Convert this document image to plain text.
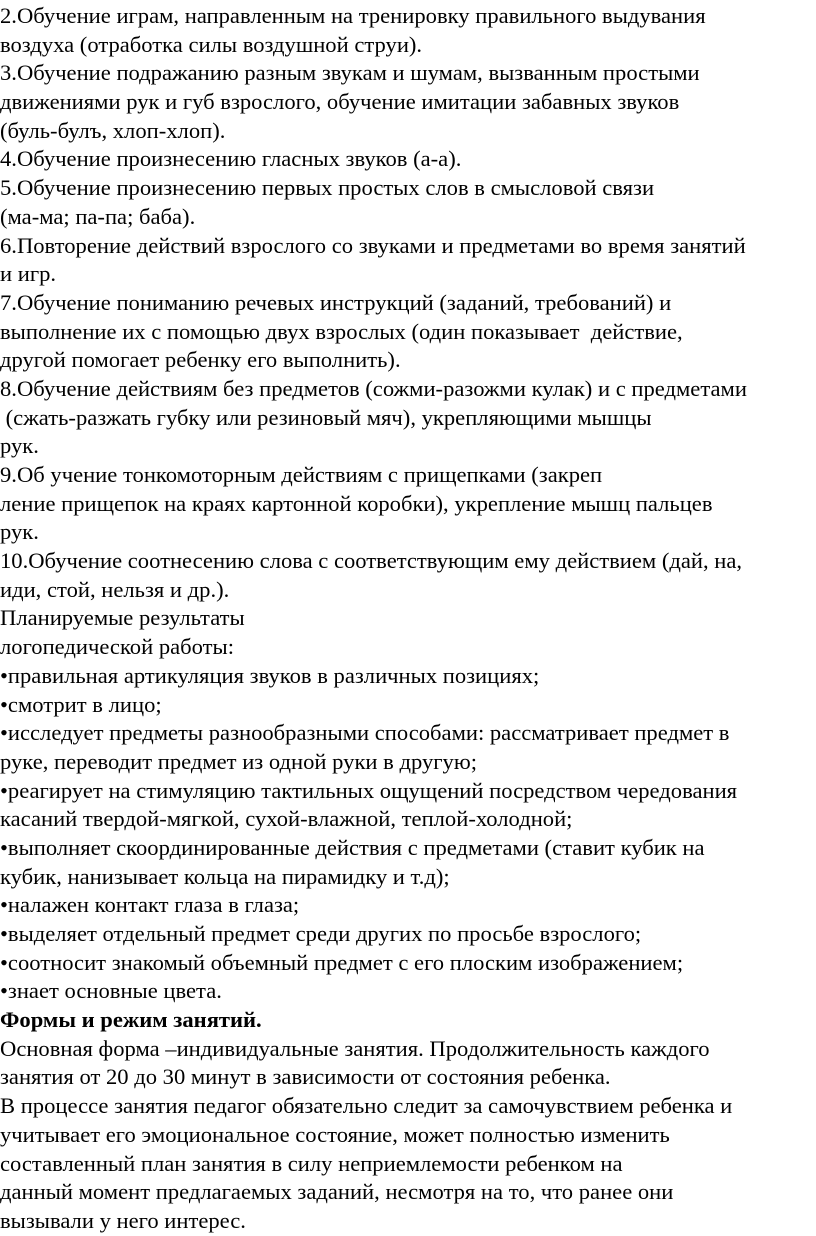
2.Обучение играм, направленным на тренировку правильного выдувания
воздуха (отработка силы воздушной струи).
3.Обучение подражанию разным звукам и шумам, вызванным простыми
движениями рук и губ взрослого, обучение имитации забавных звуков
(буль-булъ, хлоп-хлоп).
4.Обучение произнесению гласных звуков (а-а).
5.Обучение произнесению первых простых слов в смысловой связи
(ма-ма; па-па; баба).
6.Повторение действий взрослого со звуками и предметами во время занятий
и игр.
7.Обучение пониманию речевых инструкций (заданий, требований) и
выполнение их с помощью двух взрослых (один показывает  действие,
другой помогает ребенку его выполнить).
8.Обучение действиям без предметов (сожми-разожми кулак) и с предметами
(сжать-разжать губку или резиновый мяч), укрепляющими мышцы
рук.
9.Об учение тонкомоторным действиям с прищепками (закреп
ление прищепок на краях картонной коробки), укрепление мышц пальцев
рук.
10.Обучение соотнесению слова с соответствующим ему действием (дай, на,
иди, стой, нельзя и др.).
Планируемые результаты
логопедической работы:
•правильная артикуляция звуков в различных позициях;
•смотрит в лицо;
•исследует предметы разнообразными способами: рассматривает предмет в
руке, переводит предмет из одной руки в другую;
•реагирует на стимуляцию тактильных ощущений посредством чередования
касаний твердой-мягкой, сухой-влажной, теплой-холодной;
•выполняет скоординированные действия с предметами (ставит кубик на
кубик, нанизывает кольца на пирамидку и т.д);
•налажен контакт глаза в глаза;
•выделяет отдельный предмет среди других по просьбе взрослого;
•соотносит знакомый объемный предмет с его плоским изображением;
•знает основные цвета.
Формы и режим занятий.
Основная форма –индивидуальные занятия. Продолжительность каждого
занятия от 20 до 30 минут в зависимости от состояния ребенка.
В процессе занятия педагог обязательно следит за самочувствием ребенка и
учитывает его эмоциональное состояние, может полностью изменить
составленный план занятия в силу неприемлемости ребенком на
данный момент предлагаемых заданий, несмотря на то, что ранее они
вызывали у него интерес.
